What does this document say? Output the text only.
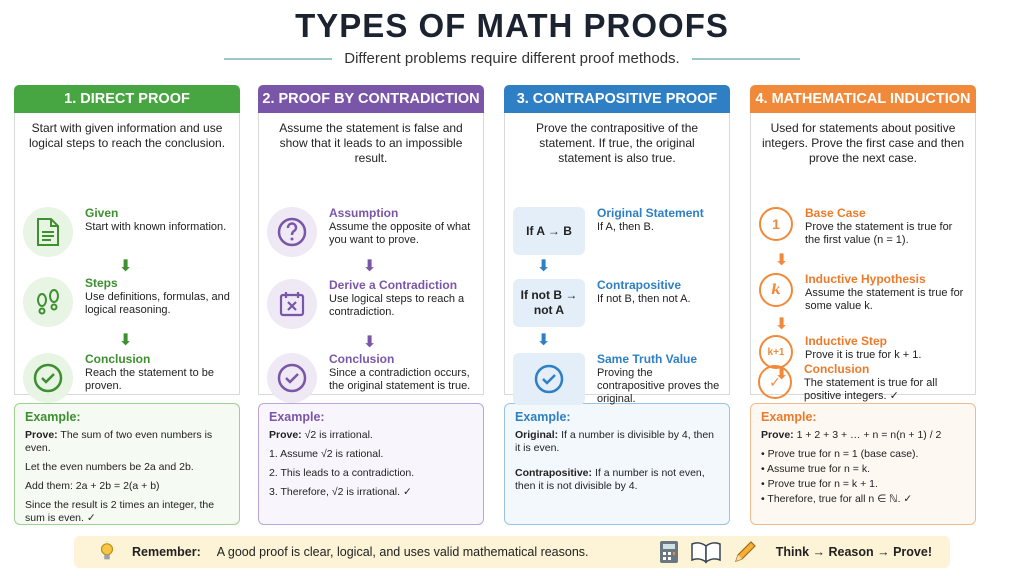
TYPES OF MATH PROOFS
Different problems require different proof methods.
1. DIRECT PROOF
Start with given information and use logical steps to reach the conclusion.
Given
Start with known information.
⬇
Steps
Use definitions, formulas, and logical reasoning.
⬇
Conclusion
Reach the statement to be proven.
Example:

Prove: The sum of two even numbers is even.

Let the even numbers be 2a and 2b.

Add them: 2a + 2b = 2(a + b)

Since the result is 2 times an integer, the sum is even. ✓

2. PROOF BY CONTRADICTION
Assume the statement is false and show that it leads to an impossible result.
Assumption
Assume the opposite of what you want to prove.
⬇
Derive a Contradiction
Use logical steps to reach a contradiction.
⬇
Conclusion
Since a contradiction occurs, the original statement is true.
Example:

Prove: √2 is irrational.

1. Assume √2 is rational.

2. This leads to a contradiction.

3. Therefore, √2 is irrational. ✓

3. CONTRAPOSITIVE PROOF
Prove the contrapositive of the statement. If true, the original statement is also true.
If A → B
Original Statement
If A, then B.
⬇
If not B → not A
Contrapositive
If not B, then not A.
⬇
Same Truth Value
Proving the contrapositive proves the original.
Example:

Original: If a number is divisible by 4, then it is even.

Contrapositive: If a number is not even, then it is not divisible by 4.

4. MATHEMATICAL INDUCTION
Used for statements about positive integers. Prove the first case and then prove the next case.
1
Base Case
Prove the statement is true for the first value (n = 1).
⬇
k
Inductive Hypothesis
Assume the statement is true for some value k.
⬇
k+1
Inductive Step
Prove it is true for k + 1.
⬇
✓
Conclusion
The statement is true for all positive integers. ✓
Example:

Prove: 1 + 2 + 3 + … + n = n(n + 1) / 2

• Prove true for n = 1 (base case).
• Assume true for n = k.
• Prove true for n = k + 1.
• Therefore, true for all n ∈ ℕ. ✓
Remember: A good proof is clear, logical, and uses valid mathematical reasons.	Think → Reason → Prove!
